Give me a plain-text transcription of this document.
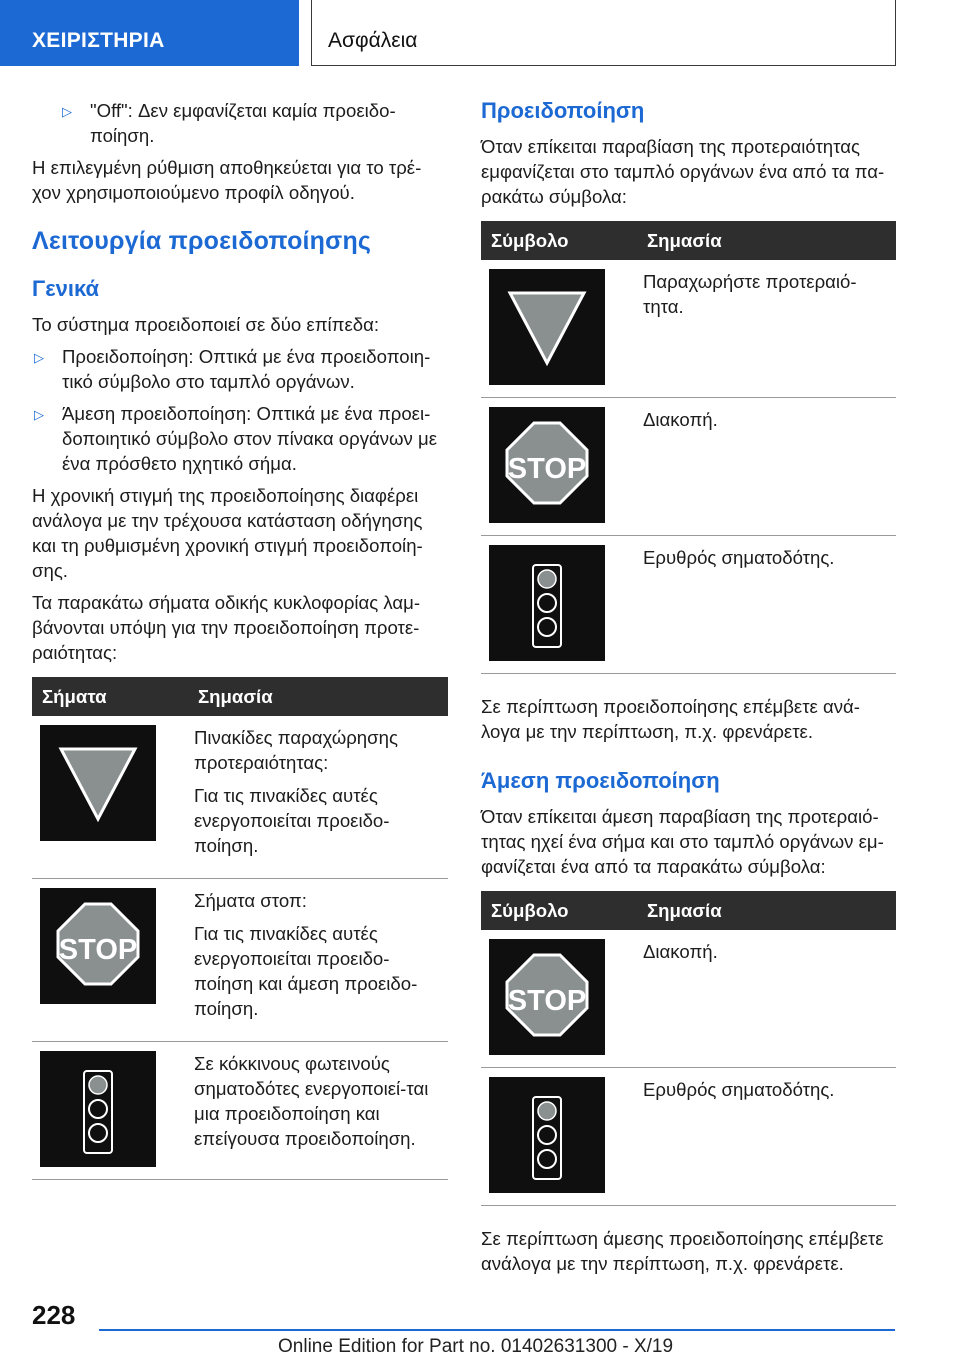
ΧΕΙΡΙΣΤΗΡΙΑ	Ασφάλεια
▷ "Off": Δεν εμφανίζεται καμία προειδο-ποίηση.

Η επιλεγμένη ρύθμιση αποθηκεύεται για το τρέ-χον χρησιμοποιούμενο προφίλ οδηγού.

Λειτουργία προειδοποίησης
Γενικά

Το σύστημα προειδοποιεί σε δύο επίπεδα:

▷ Προειδοποίηση: Οπτικά με ένα προειδοποιη-τικό σύμβολο στο ταμπλό οργάνων.
▷ Άμεση προειδοποίηση: Οπτικά με ένα προει-δοποιητικό σύμβολο στον πίνακα οργάνων με ένα πρόσθετο ηχητικό σήμα.

Η χρονική στιγμή της προειδοποίησης διαφέρει ανάλογα με την τρέχουσα κατάσταση οδήγησης και τη ρυθμισμένη χρονική στιγμή προειδοποίη-σης.

Τα παρακάτω σήματα οδικής κυκλοφορίας λαμ-βάνονται υπόψη για την προειδοποίηση προτε-ραιότητας:

Σήματα	Σημασία

Πινακίδες παραχώρησης προτεραιότητας:

Για τις πινακίδες αυτές ενεργοποιείται προειδο-ποίηση.

STOP	Σήματα στοπ:

Για τις πινακίδες αυτές ενεργοποιείται προειδο-ποίηση και άμεση προειδο-ποίηση.

Σε κόκκινους φωτεινούς σηματοδότες ενεργοποιεί-ται μια προειδοποίηση και επείγουσα προειδοποίηση.

Προειδοποίηση

Όταν επίκειται παραβίαση της προτεραιότητας εμφανίζεται στο ταμπλό οργάνων ένα από τα πα-ρακάτω σύμβολα:

Σύμβολο	Σημασία

Παραχωρήστε προτεραιό-τητα.

STOP	Διακοπή.

Ερυθρός σηματοδότης.

Σε περίπτωση προειδοποίησης επέμβετε ανά-λογα με την περίπτωση, π.χ. φρενάρετε.

Άμεση προειδοποίηση

Όταν επίκειται άμεση παραβίαση της προτεραιό-τητας ηχεί ένα σήμα και στο ταμπλό οργάνων εμ-φανίζεται ένα από τα παρακάτω σύμβολα:

Σύμβολο	Σημασία

STOP	Διακοπή.

Ερυθρός σηματοδότης.

Σε περίπτωση άμεσης προειδοποίησης επέμβετε ανάλογα με την περίπτωση, π.χ. φρενάρετε.

228
Online Edition for Part no. 01402631300 - X/19
